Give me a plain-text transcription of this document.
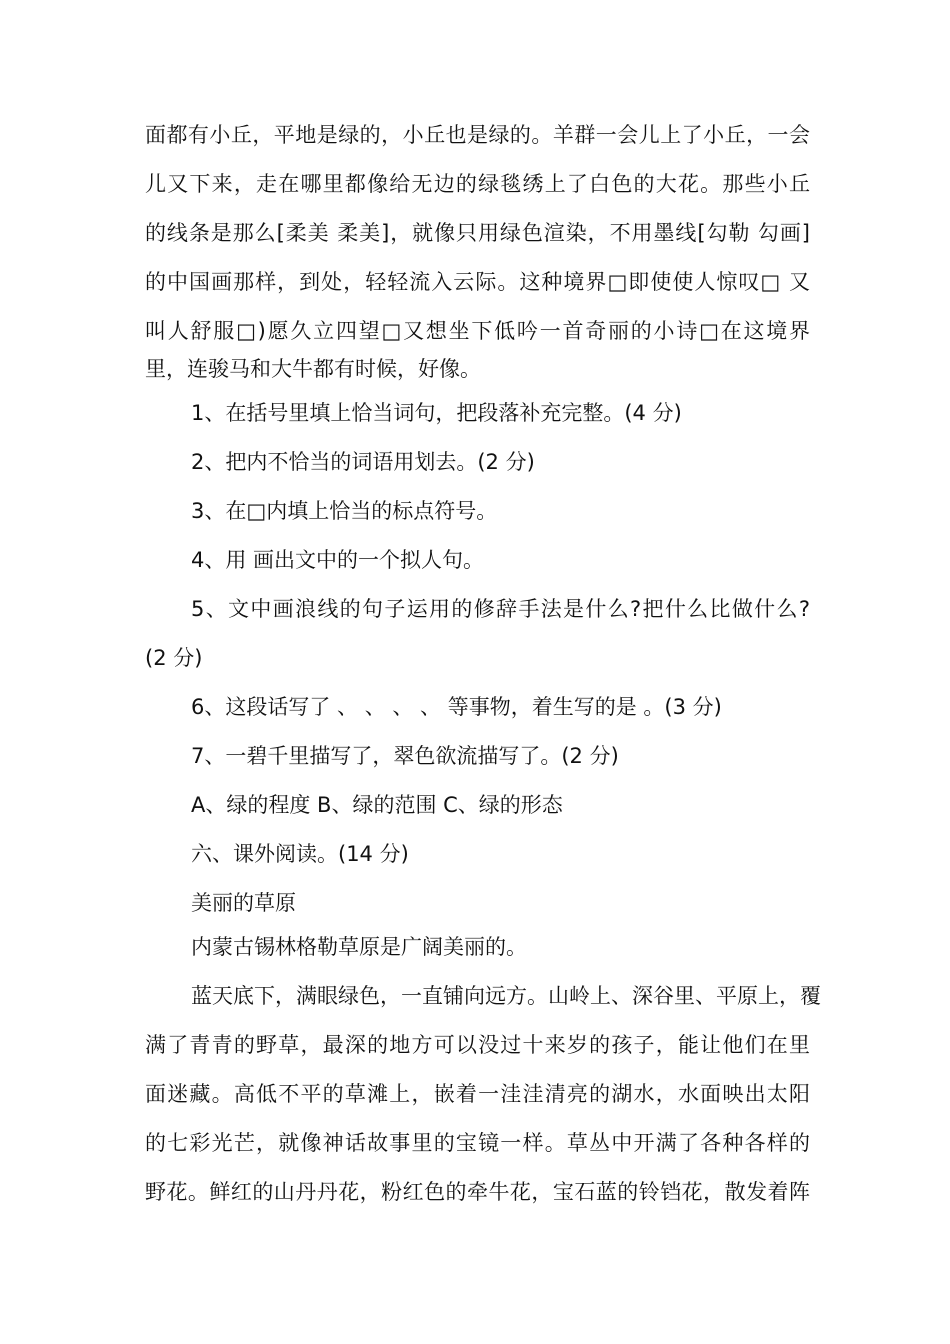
面都有小丘，平地是绿的，小丘也是绿的。羊群一会儿上了小丘，一会
儿又下来，走在哪里都像给无边的绿毯绣上了白色的大花。那些小丘
的线条是那么[柔美 柔美]，就像只用绿色渲染，不用墨线[勾勒 勾画]
的中国画那样，到处，轻轻流入云际。这种境界□即使使人惊叹□ 又
叫人舒服□)愿久立四望□又想坐下低吟一首奇丽的小诗□在这境界
里，连骏马和大牛都有时候，好像。
1、在括号里填上恰当词句，把段落补充完整。(4 分)
2、把内不恰当的词语用划去。(2 分)
3、在□内填上恰当的标点符号。
4、用 画出文中的一个拟人句。
5、文中画浪线的句子运用的修辞手法是什么?把什么比做什么?
(2 分)
6、这段话写了 、 、 、 、 等事物，着生写的是 。(3 分)
7、一碧千里描写了，翠色欲流描写了。(2 分)
A、绿的程度 B、绿的范围 C、绿的形态
六、课外阅读。(14 分)
美丽的草原
内蒙古锡林格勒草原是广阔美丽的。
蓝天底下，满眼绿色，一直铺向远方。山岭上、深谷里、平原上，覆
满了青青的野草，最深的地方可以没过十来岁的孩子，能让他们在里
面迷藏。高低不平的草滩上，嵌着一洼洼清亮的湖水，水面映出太阳
的七彩光芒，就像神话故事里的宝镜一样。草丛中开满了各种各样的
野花。鲜红的山丹丹花，粉红色的牵牛花，宝石蓝的铃铛花，散发着阵
